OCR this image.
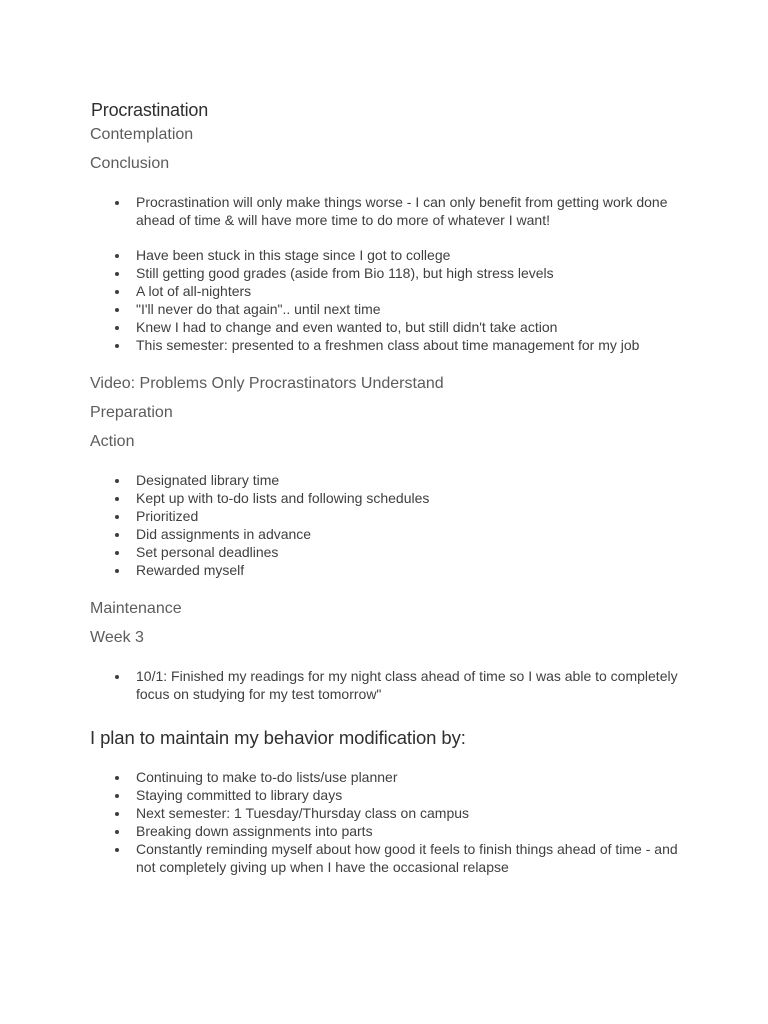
Procrastination
Contemplation
Conclusion
Procrastination will only make things worse - I can only benefit from getting work done ahead of time & will have more time to do more of whatever I want!
Have been stuck in this stage since I got to college
Still getting good grades (aside from Bio 118), but high stress levels
A lot of all-nighters
"I'll never do that again".. until next time
Knew I had to change and even wanted to, but still didn't take action
This semester: presented to a freshmen class about time management for my job
Video: Problems Only Procrastinators Understand
Preparation
Action
Designated library time
Kept up with to-do lists and following schedules
Prioritized
Did assignments in advance
Set personal deadlines
Rewarded myself
Maintenance
Week 3
10/1: Finished my readings for my night class ahead of time so I was able to completely focus on studying for my test tomorrow"
I plan to maintain my behavior modification by:
Continuing to make to-do lists/use planner
Staying committed to library days
Next semester: 1 Tuesday/Thursday class on campus
Breaking down assignments into parts
Constantly reminding myself about how good it feels to finish things ahead of time - and not completely giving up when I have the occasional relapse
